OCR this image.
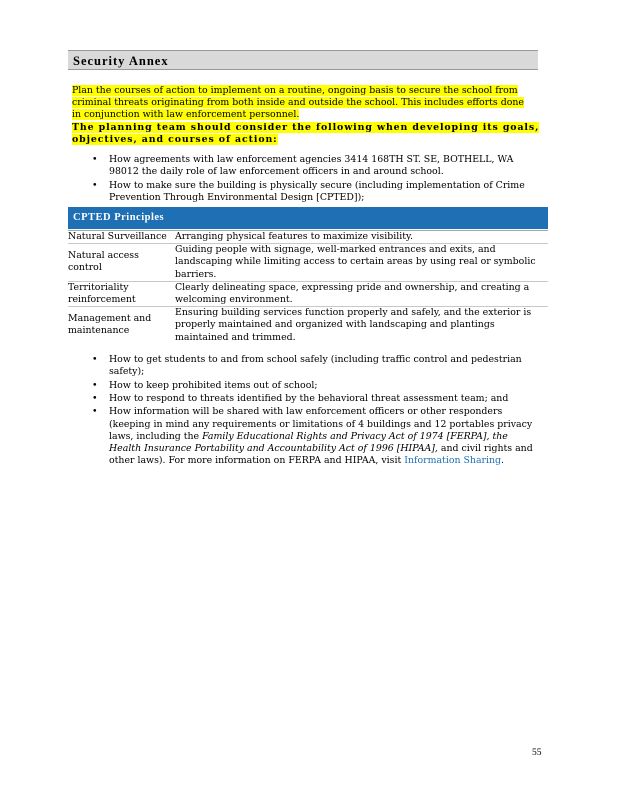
Security Annex
Plan the courses of action to implement on a routine, ongoing basis to secure the school from
criminal threats originating from both inside and outside the school. This includes efforts done
in conjunction with law enforcement personnel.
The planning team should consider the following when developing its goals,
objectives, and courses of action:
• How agreements with law enforcement agencies 3414 168TH ST. SE, BOTHELL, WA 98012 the daily role of law enforcement officers in and around school.
• How to make sure the building is physically secure (including implementation of Crime Prevention Through Environmental Design [CPTED]);
CPTED Principles
Natural Surveillance	Arranging physical features to maximize visibility.
Natural access control	Guiding people with signage, well-marked entrances and exits, and landscaping while limiting access to certain areas by using real or symbolic barriers.
Territoriality reinforcement	Clearly delineating space, expressing pride and ownership, and creating a welcoming environment.
Management and maintenance	Ensuring building services function properly and safely, and the exterior is properly maintained and organized with landscaping and plantings maintained and trimmed.
• How to get students to and from school safely (including traffic control and pedestrian safety);
• How to keep prohibited items out of school;
• How to respond to threats identified by the behavioral threat assessment team; and
• How information will be shared with law enforcement officers or other responders (keeping in mind any requirements or limitations of 4 buildings and 12 portables privacy laws, including the Family Educational Rights and Privacy Act of 1974 [FERPA], the Health Insurance Portability and Accountability Act of 1996 [HIPAA], and civil rights and other laws). For more information on FERPA and HIPAA, visit Information Sharing.
55
